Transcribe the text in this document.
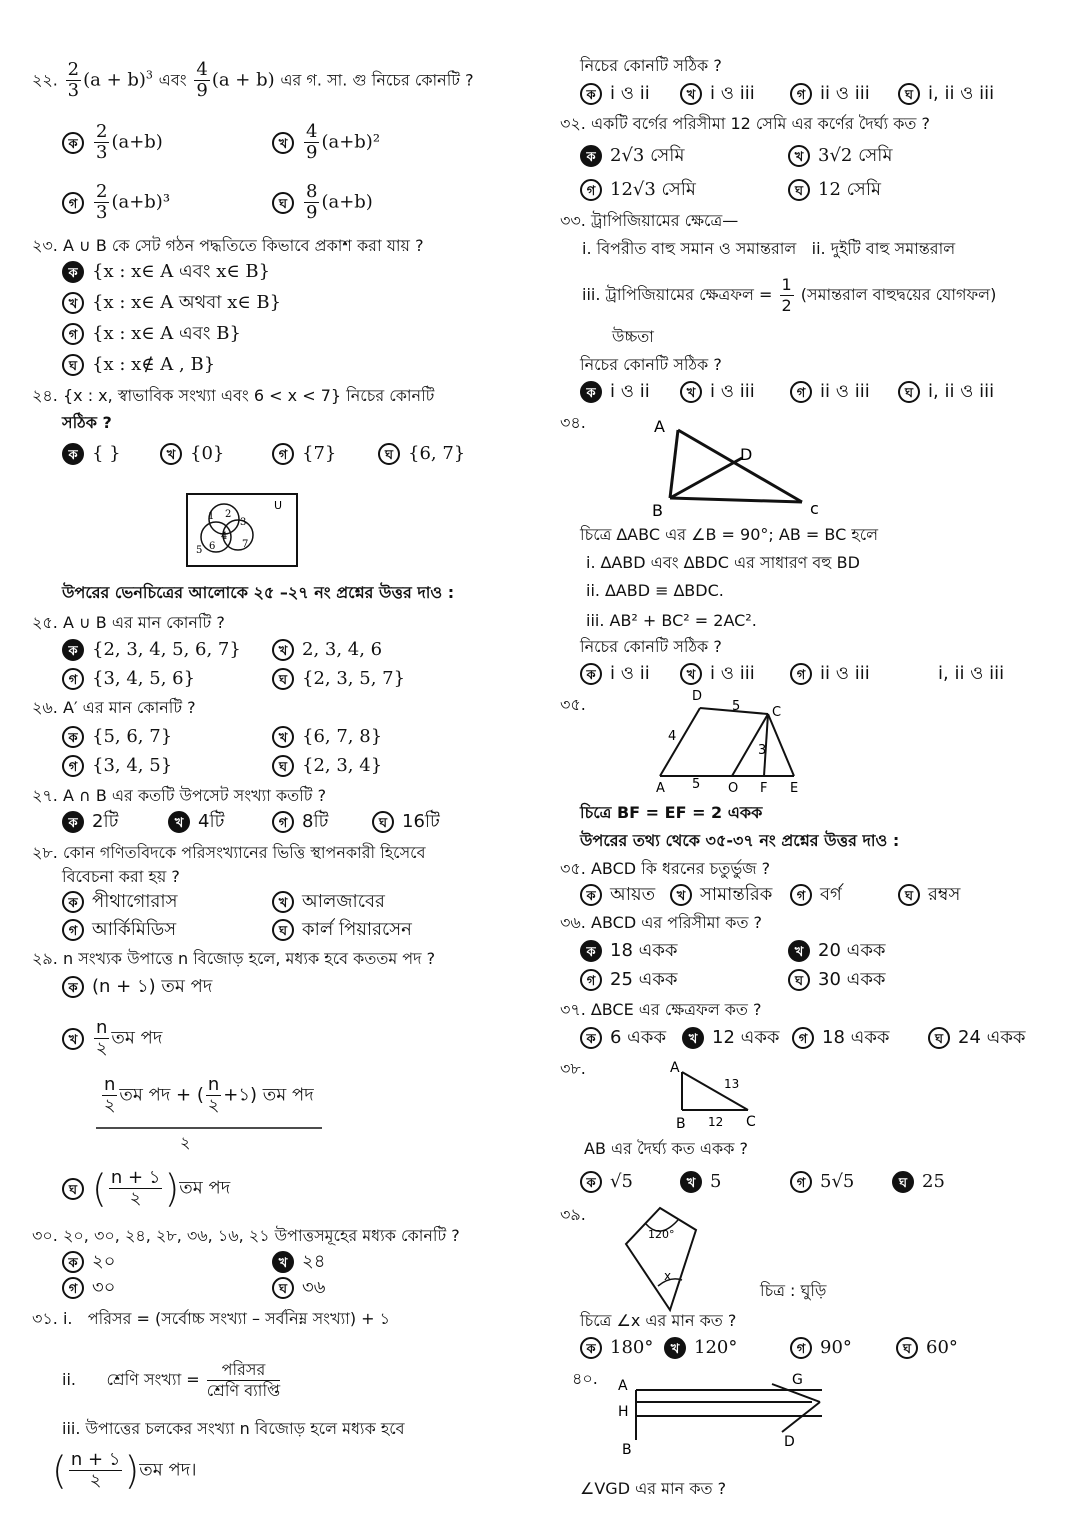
২২. $\frac{2}{3} (a + b)^3$ এবং $\frac{4}{9} (a + b)$ এর গ. সা. গু নিচের কোনটি ?
ক $\frac{2}{3} (a+b)$	খ $\frac{4}{9} (a+b)^2$
গ $\frac{2}{3} (a+b)^3$	ঘ $\frac{8}{9} (a+b)$
২৩. A ∪ B কে সেট গঠন পদ্ধতিতে কিভাবে প্রকাশ করা যায় ?
ক {x : x∈ A এবং x∈ B}
খ {x : x∈ A অথবা x∈ B}
গ {x : x∈ A এবং B}
ঘ {x : x∉ A , B}
২৪. {x : x, স্বাভাবিক সংখ্যা এবং 6 < x < 7} নিচের কোনটি
সঠিক ?
ক { }	খ {0}	গ {7}	ঘ {6, 7}
U
1 2
3
4
5 6	7
উপরের ভেনচিত্রের আলোকে ২৫ –২৭ নং প্রশ্নের উত্তর দাও :
২৫. A ∪ B এর মান কোনটি ?
ক {2, 3, 4, 5, 6, 7}	খ 2, 3, 4, 6
গ {3, 4, 5, 6}	ঘ {2, 3, 5, 7}
২৬. A′ এর মান কোনটি ?
ক {5, 6, 7}	খ {6, 7, 8}
গ {3, 4, 5}	ঘ {2, 3, 4}
২৭. A ∩ B এর কতটি উপসেট সংখ্যা কতটি ?
ক 2টি	খ 4টি	গ 8টি	ঘ 16টি
২৮. কোন গণিতবিদকে পরিসংখ্যানের ভিত্তি স্থাপনকারী হিসেবে
বিবেচনা করা হয় ?
ক পীথাগোরাস	খ আলজাবের
গ আর্কিমিডিস	ঘ কার্ল পিয়ারসেন
২৯. n সংখ্যক উপাত্তে n বিজোড় হলে, মধ্যক হবে কততম পদ ?
ক (n + ১) তম পদ
খ $\frac{n}{২}$ তম পদ
$\frac{n}{২}$ তম পদ + ( $\frac{n}{২}$ +১) তম পদ
২
ঘ ( $\frac{n + ১}{২}$ )তম পদ
৩০. ২০, ৩০, ২৪, ২৮, ৩৬, ১৬, ২১ উপাত্তসমূহের মধ্যক কোনটি ?
ক ২০	খ ২৪
গ ৩০	ঘ ৩৬
৩১. i. পরিসর = (সর্বোচ্চ সংখ্যা – সর্বনিম্ন সংখ্যা) + ১
ii. শ্রেণি সংখ্যা = $\frac{\text{পরিসর}}{\text{শ্রেণি ব্যাপ্তি}}$
iii. উপাত্তের চলকের সংখ্যা n বিজোড় হলে মধ্যক হবে
( $\frac{n + ১}{২}$ )তম পদ।
নিচের কোনটি সঠিক ?
ক i ও ii	খ i ও iii	গ ii ও iii	ঘ i, ii ও iii
৩২. একটি বর্গের পরিসীমা 12 সেমি এর কর্ণের দৈর্ঘ্য কত ?
ক 2√3 সেমি	খ 3√2 সেমি
গ 12√3 সেমি	ঘ 12 সেমি
৩৩. ট্রাপিজিয়ামের ক্ষেত্রে—
i. বিপরীত বাহু সমান ও সমান্তরাল ii. দুইটি বাহু সমান্তরাল
iii. ট্রাপিজিয়ামের ক্ষেত্রফল = $\frac{1}{2}$ (সমান্তরাল বাহুদ্বয়ের যোগফল)
উচ্চতা
নিচের কোনটি সঠিক ?
ক i ও ii	খ i ও iii	গ ii ও iii	ঘ i, ii ও iii
৩৪.	A
B
D
c
চিত্রে ∆ABC এর ∠B = 90°; AB = BC হলে
i. ∆ABD এবং ∆BDC এর সাধারণ বহু BD
ii. ∆ABD ≡ ∆BDC.
iii. AB² + BC² = 2AC².
নিচের কোনটি সঠিক ?
ক i ও ii	খ i ও iii	গ ii ও iii	i, ii ও iii
৩৫.	D
5 C
4
3
A 5 O F E
চিত্রে BF = EF = 2 একক
উপরের তথ্য থেকে ৩৫-৩৭ নং প্রশ্নের উত্তর দাও :
৩৫. ABCD কি ধরনের চতুর্ভুজ ?
ক আয়ত	খ সামান্তরিক	গ বর্গ	ঘ রম্বস
৩৬. ABCD এর পরিসীমা কত ?
ক 18 একক	খ 20 একক
গ 25 একক	ঘ 30 একক
৩৭. ∆BCE এর ক্ষেত্রফল কত ?
ক 6 একক	খ 12 একক	গ 18 একক	ঘ 24 একক
৩৮.	A
13
B 12 C
AB এর দৈর্ঘ্য কত একক ?
ক √5	খ 5	গ 5√5	ঘ 25
৩৯.
120°
x
চিত্র : ঘুড়ি
চিত্রে ∠x এর মান কত ?
ক 180°	খ 120°	গ 90°	ঘ 60°
৪০. A
H
B	D
G
∠VGD এর মান কত ?
